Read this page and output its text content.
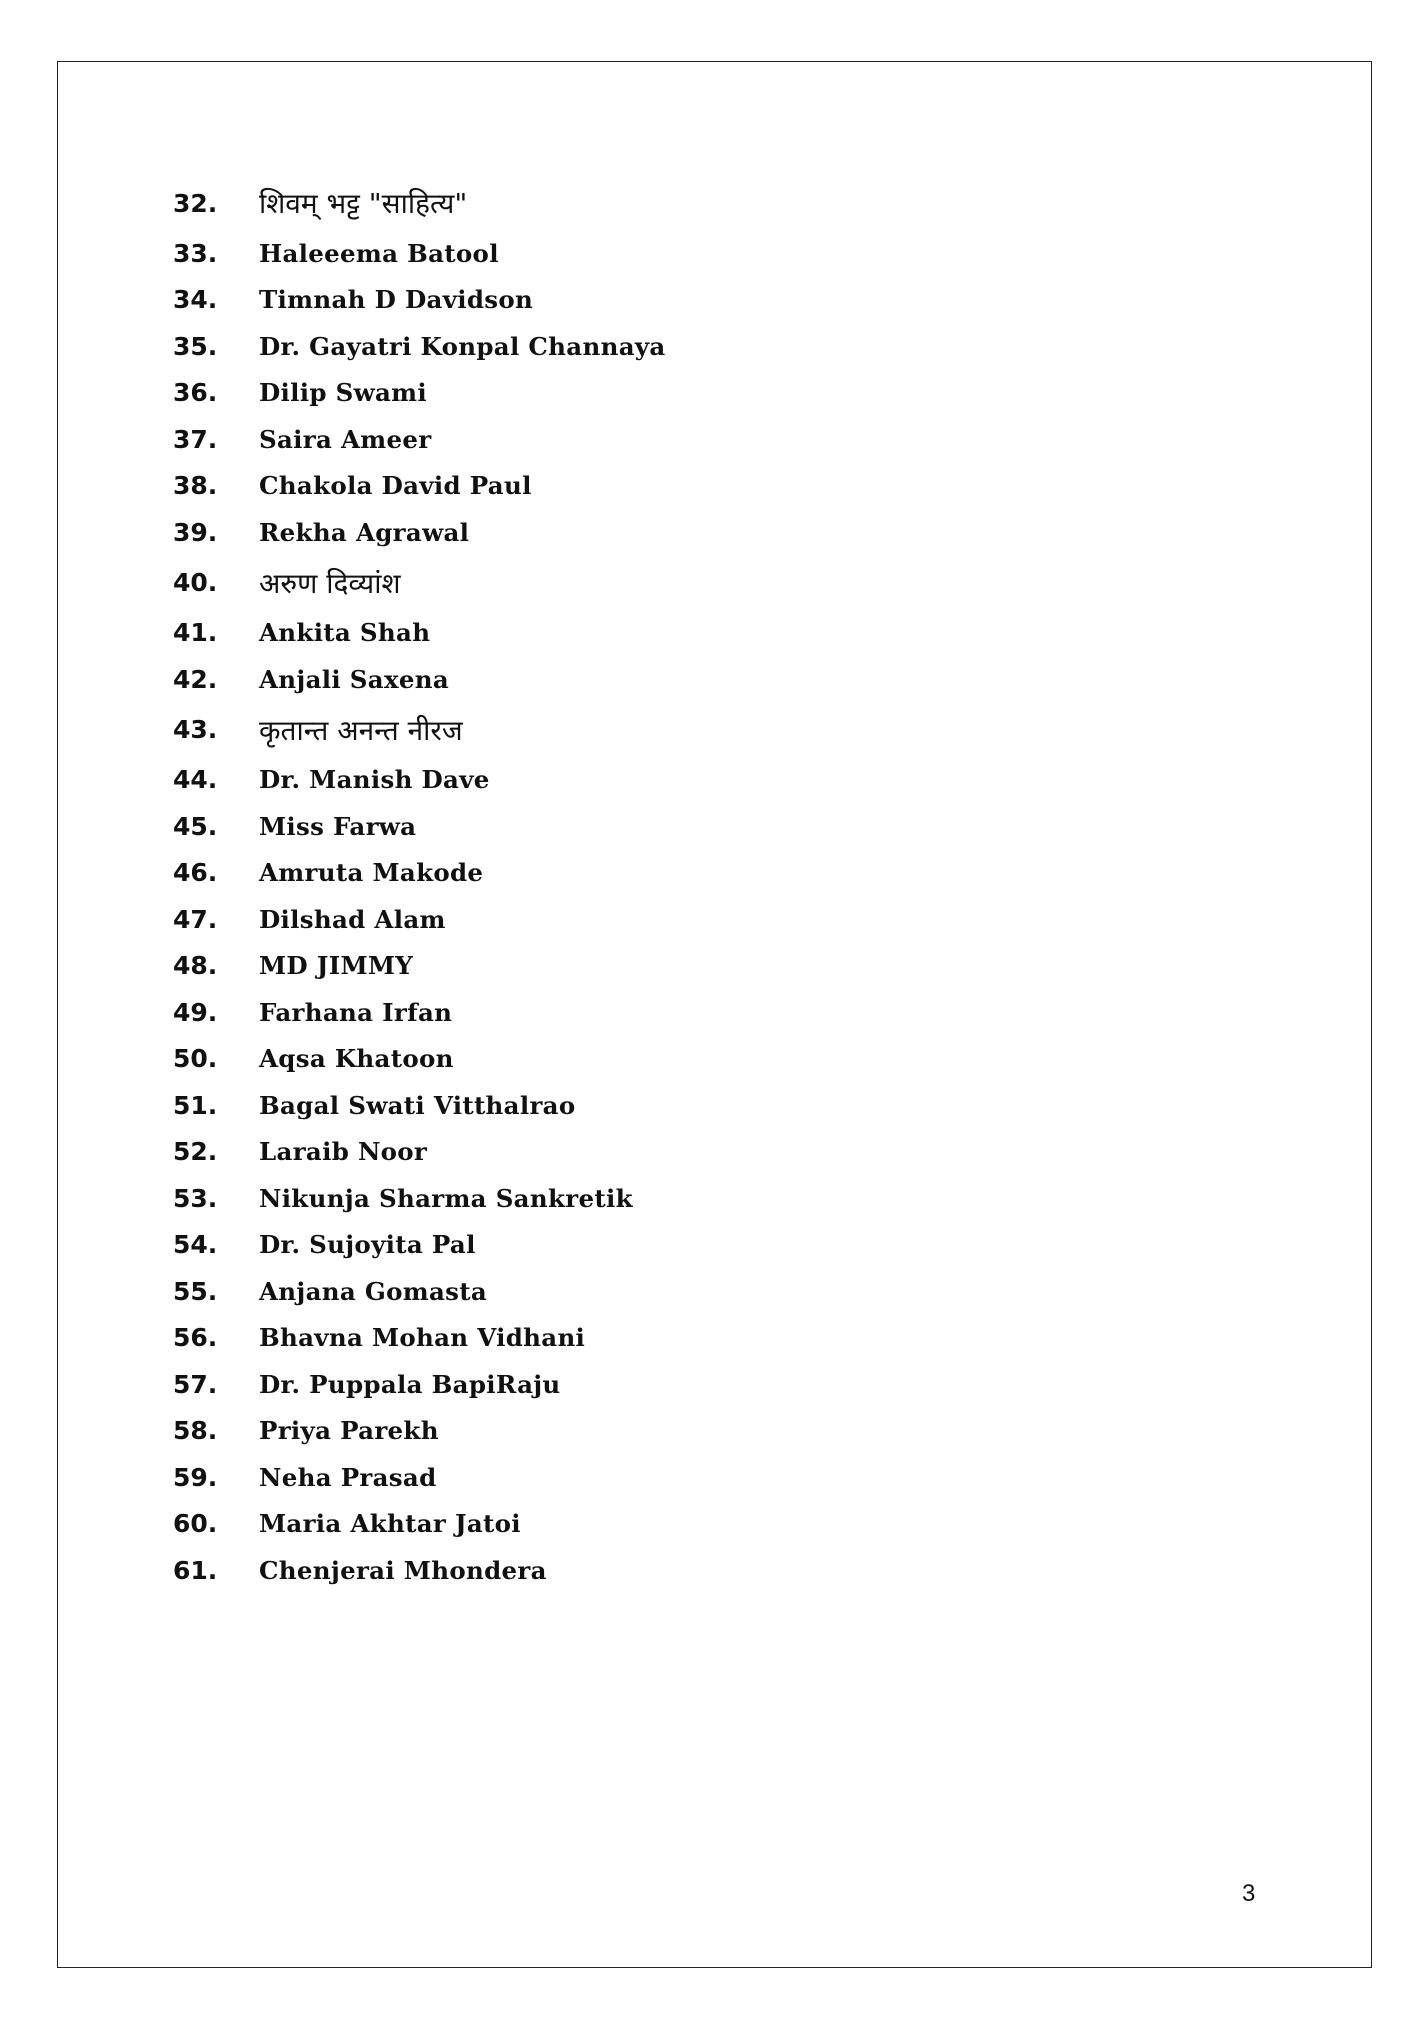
32.	शिवम् भट्ट "साहित्य"
33.	Haleeema Batool
34.	Timnah D Davidson
35.	Dr. Gayatri Konpal Channaya
36.	Dilip Swami
37.	Saira Ameer
38.	Chakola David Paul
39.	Rekha Agrawal
40.	अरुण दिव्यांश
41.	Ankita Shah
42.	Anjali Saxena
43.	कृतान्त अनन्त नीरज
44.	Dr. Manish Dave
45.	Miss Farwa
46.	Amruta Makode
47.	Dilshad Alam
48.	MD JIMMY
49.	Farhana Irfan
50.	Aqsa Khatoon
51.	Bagal Swati Vitthalrao
52.	Laraib Noor
53.	Nikunja Sharma Sankretik
54.	Dr. Sujoyita Pal
55.	Anjana Gomasta
56.	Bhavna Mohan Vidhani
57.	Dr. Puppala BapiRaju
58.	Priya Parekh
59.	Neha Prasad
60.	Maria Akhtar Jatoi
61.	Chenjerai Mhondera
3
